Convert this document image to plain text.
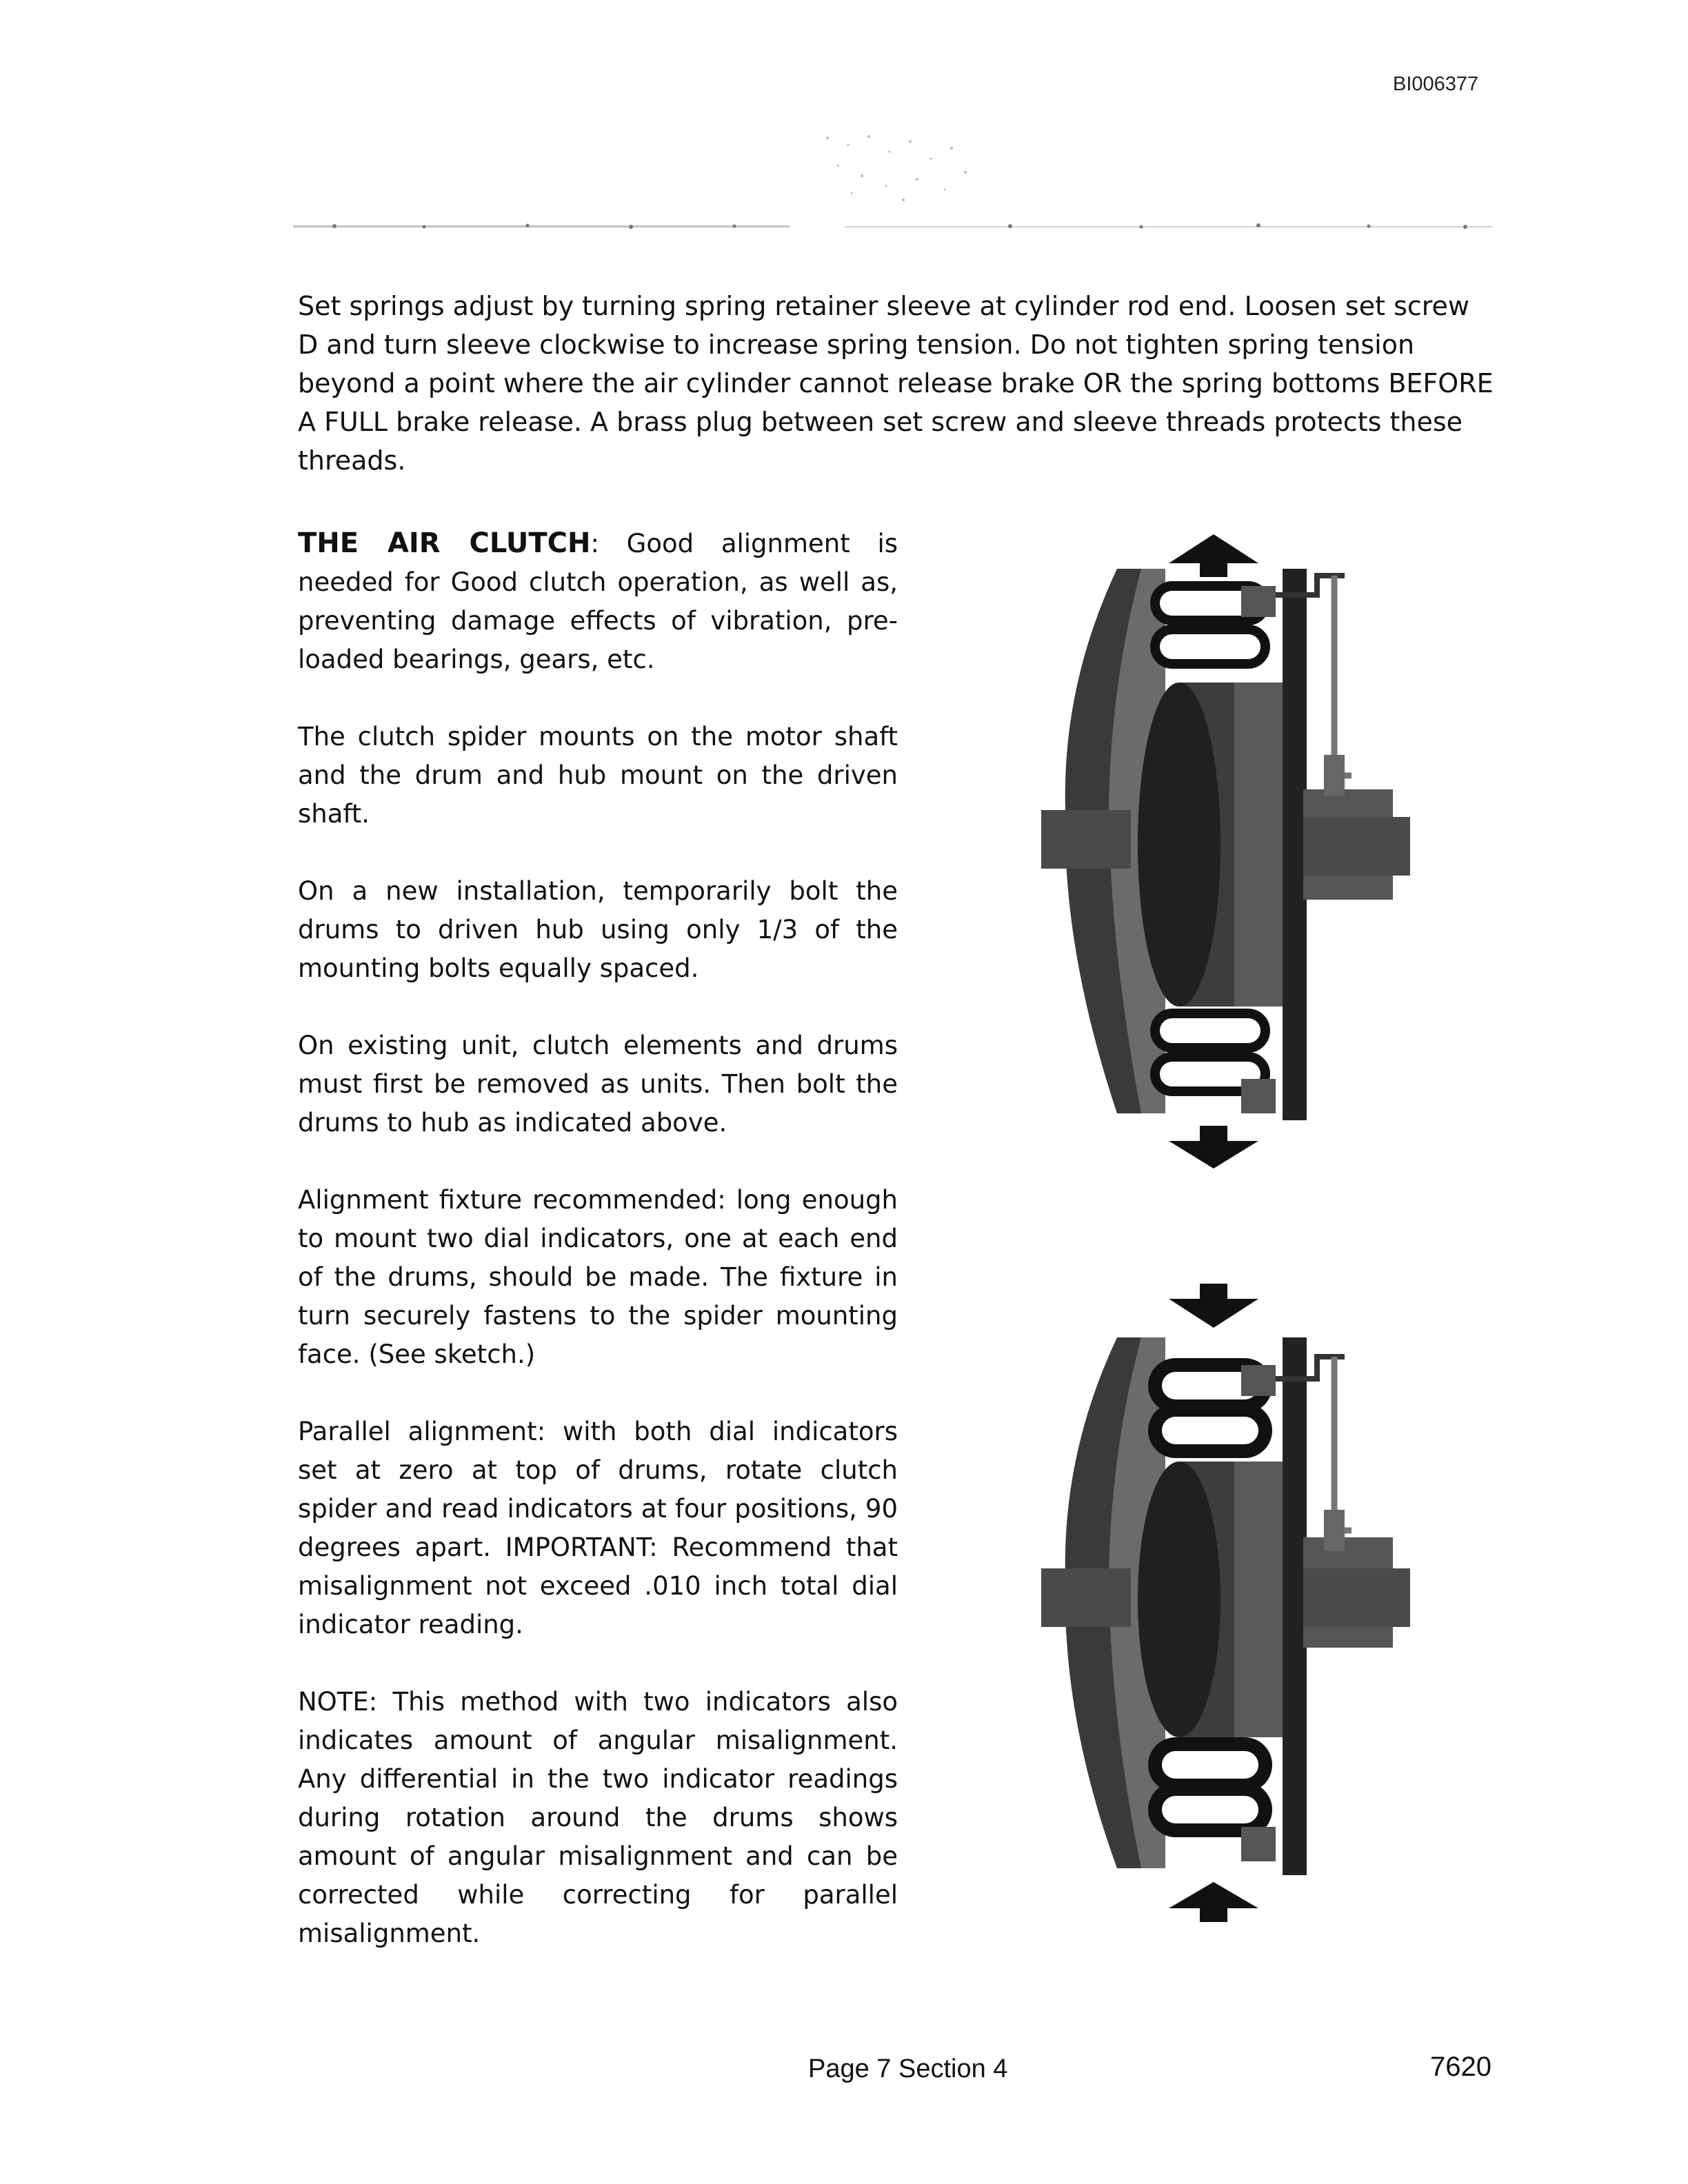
BI006377

Set springs adjust by turning spring retainer sleeve at cylinder rod end. Loosen set screw D and turn sleeve clockwise to increase spring tension. Do not tighten spring tension beyond a point where the air cylinder cannot release brake OR the spring bottoms BEFORE A FULL brake release. A brass plug between set screw and sleeve threads protects these threads.

THE AIR CLUTCH: Good alignment is needed for Good clutch operation, as well as, preventing damage effects of vibration, pre-loaded bearings, gears, etc.

The clutch spider mounts on the motor shaft and the drum and hub mount on the driven shaft.

On a new installation, temporarily bolt the drums to driven hub using only 1/3 of the mounting bolts equally spaced.

On existing unit, clutch elements and drums must first be removed as units. Then bolt the drums to hub as indicated above.

Alignment fixture recommended: long enough to mount two dial indicators, one at each end of the drums, should be made. The fixture in turn securely fastens to the spider mounting face. (See sketch.)

Parallel alignment: with both dial indicators set at zero at top of drums, rotate clutch spider and read indicators at four positions, 90 degrees apart. IMPORTANT: Recommend that misalignment not exceed .010 inch total dial indicator reading.

NOTE: This method with two indicators also indicates amount of angular misalignment. Any differential in the two indicator readings during rotation around the drums shows amount of angular misalignment and can be corrected while correcting for parallel misalignment.

Page 7 Section 4	7620
